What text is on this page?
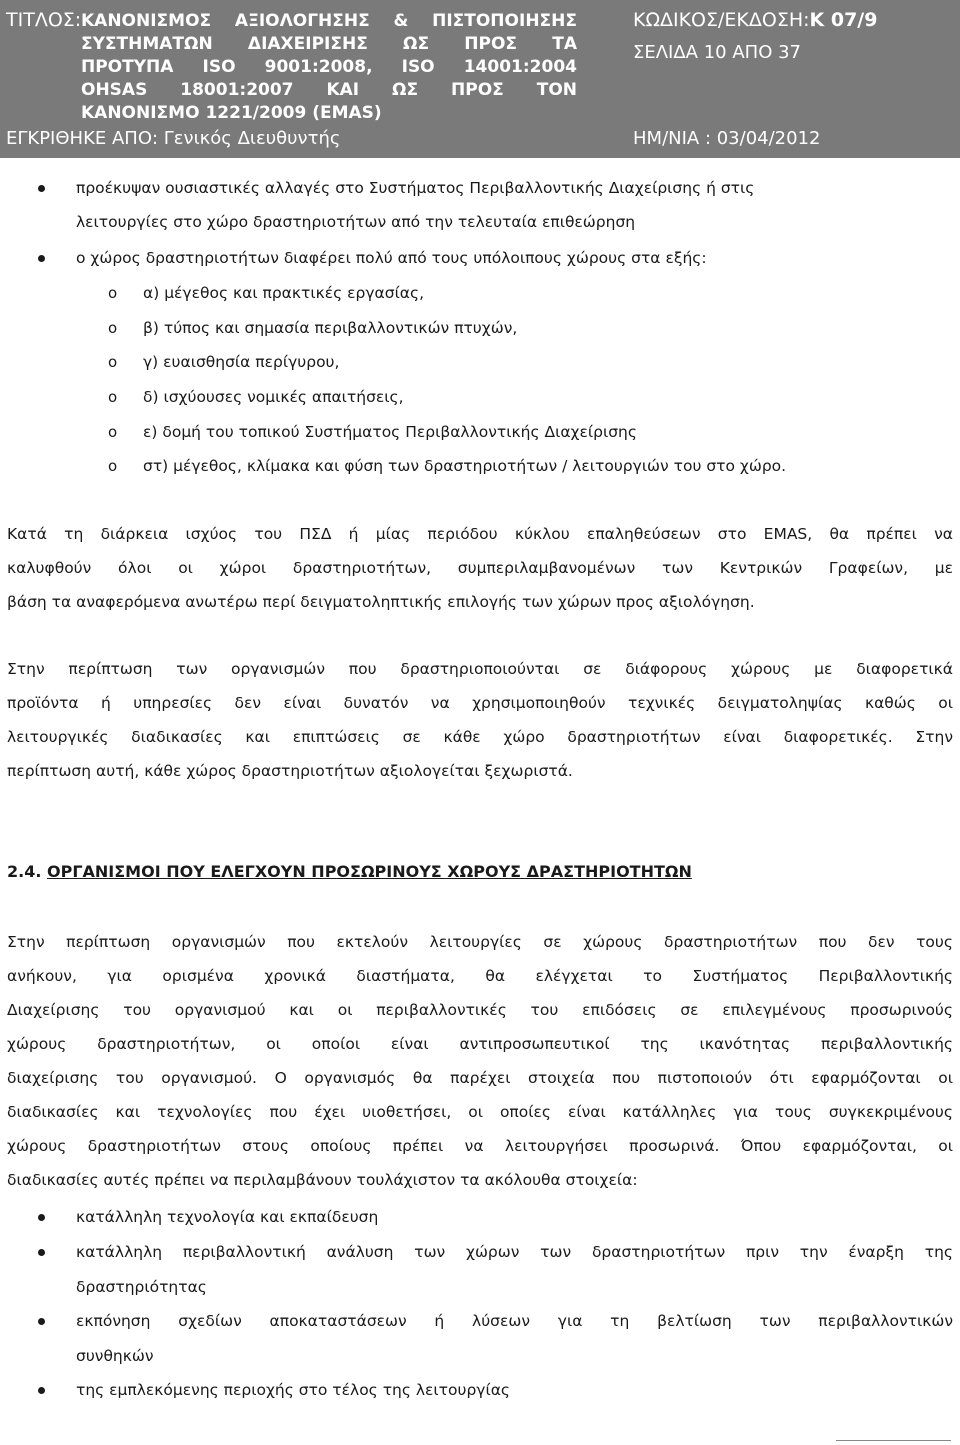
ΤΙΤΛΟΣ: ΚΑΝΟΝΙΣΜΟΣ ΑΞΙΟΛΟΓΗΣΗΣ & ΠΙΣΤΟΠΟΙΗΣΗΣ
ΣΥΣΤΗΜΑΤΩΝ ΔΙΑΧΕΙΡΙΣΗΣ ΩΣ ΠΡΟΣ ΤΑ
ΠΡΟΤΥΠΑ ISO 9001:2008, ISO 14001:2004
OHSAS 18001:2007 ΚΑΙ ΩΣ ΠΡΟΣ ΤΟΝ
ΚΑΝΟΝΙΣΜΟ 1221/2009 (EMAS)
ΚΩΔΙΚΟΣ/ΕΚΔΟΣΗ:Κ 07/9
ΣΕΛΙΔΑ 10 ΑΠΟ 37
ΕΓΚΡΙΘΗΚΕ ΑΠΟ: Γενικός Διευθυντής	ΗΜ/ΝΙΑ : 03/04/2012
προέκυψαν ουσιαστικές αλλαγές στο Συστήματος Περιβαλλοντικής Διαχείρισης ή στις
λειτουργίες στο χώρο δραστηριοτήτων από την τελευταία επιθεώρηση
ο χώρος δραστηριοτήτων διαφέρει πολύ από τους υπόλοιπους χώρους στα εξής:
o α) μέγεθος και πρακτικές εργασίας,
o β) τύπος και σημασία περιβαλλοντικών πτυχών,
o γ) ευαισθησία περίγυρου,
o δ) ισχύουσες νομικές απαιτήσεις,
o ε) δομή του τοπικού Συστήματος Περιβαλλοντικής Διαχείρισης
o στ) μέγεθος, κλίμακα και φύση των δραστηριοτήτων / λειτουργιών του στο χώρο.
Κατά τη διάρκεια ισχύος του ΠΣΔ ή μίας περιόδου κύκλου επαληθεύσεων στο EMAS, θα πρέπει να
καλυφθούν όλοι οι χώροι δραστηριοτήτων, συμπεριλαμβανομένων των Κεντρικών Γραφείων, με
βάση τα αναφερόμενα ανωτέρω περί δειγματοληπτικής επιλογής των χώρων προς αξιολόγηση.
Στην περίπτωση των οργανισμών που δραστηριοποιούνται σε διάφορους χώρους με διαφορετικά
προϊόντα ή υπηρεσίες δεν είναι δυνατόν να χρησιμοποιηθούν τεχνικές δειγματοληψίας καθώς οι
λειτουργικές διαδικασίες και επιπτώσεις σε κάθε χώρο δραστηριοτήτων είναι διαφορετικές. Στην
περίπτωση αυτή, κάθε χώρος δραστηριοτήτων αξιολογείται ξεχωριστά.
2.4. ΟΡΓΑΝΙΣΜΟΙ ΠΟΥ ΕΛΕΓΧΟΥΝ ΠΡΟΣΩΡΙΝΟΥΣ ΧΩΡΟΥΣ ΔΡΑΣΤΗΡΙΟΤΗΤΩΝ
Στην περίπτωση οργανισμών που εκτελούν λειτουργίες σε χώρους δραστηριοτήτων που δεν τους
ανήκουν, για ορισμένα χρονικά διαστήματα, θα ελέγχεται το Συστήματος Περιβαλλοντικής
Διαχείρισης του οργανισμού και οι περιβαλλοντικές του επιδόσεις σε επιλεγμένους προσωρινούς
χώρους δραστηριοτήτων, οι οποίοι είναι αντιπροσωπευτικοί της ικανότητας περιβαλλοντικής
διαχείρισης του οργανισμού. Ο οργανισμός θα παρέχει στοιχεία που πιστοποιούν ότι εφαρμόζονται οι
διαδικασίες και τεχνολογίες που έχει υιοθετήσει, οι οποίες είναι κατάλληλες για τους συγκεκριμένους
χώρους δραστηριοτήτων στους οποίους πρέπει να λειτουργήσει προσωρινά. Όπου εφαρμόζονται, οι
διαδικασίες αυτές πρέπει να περιλαμβάνουν τουλάχιστον τα ακόλουθα στοιχεία:
κατάλληλη τεχνολογία και εκπαίδευση
κατάλληλη περιβαλλοντική ανάλυση των χώρων των δραστηριοτήτων πριν την έναρξη της
δραστηριότητας
εκπόνηση σχεδίων αποκαταστάσεων ή λύσεων για τη βελτίωση των περιβαλλοντικών
συνθηκών
της εμπλεκόμενης περιοχής στο τέλος της λειτουργίας
